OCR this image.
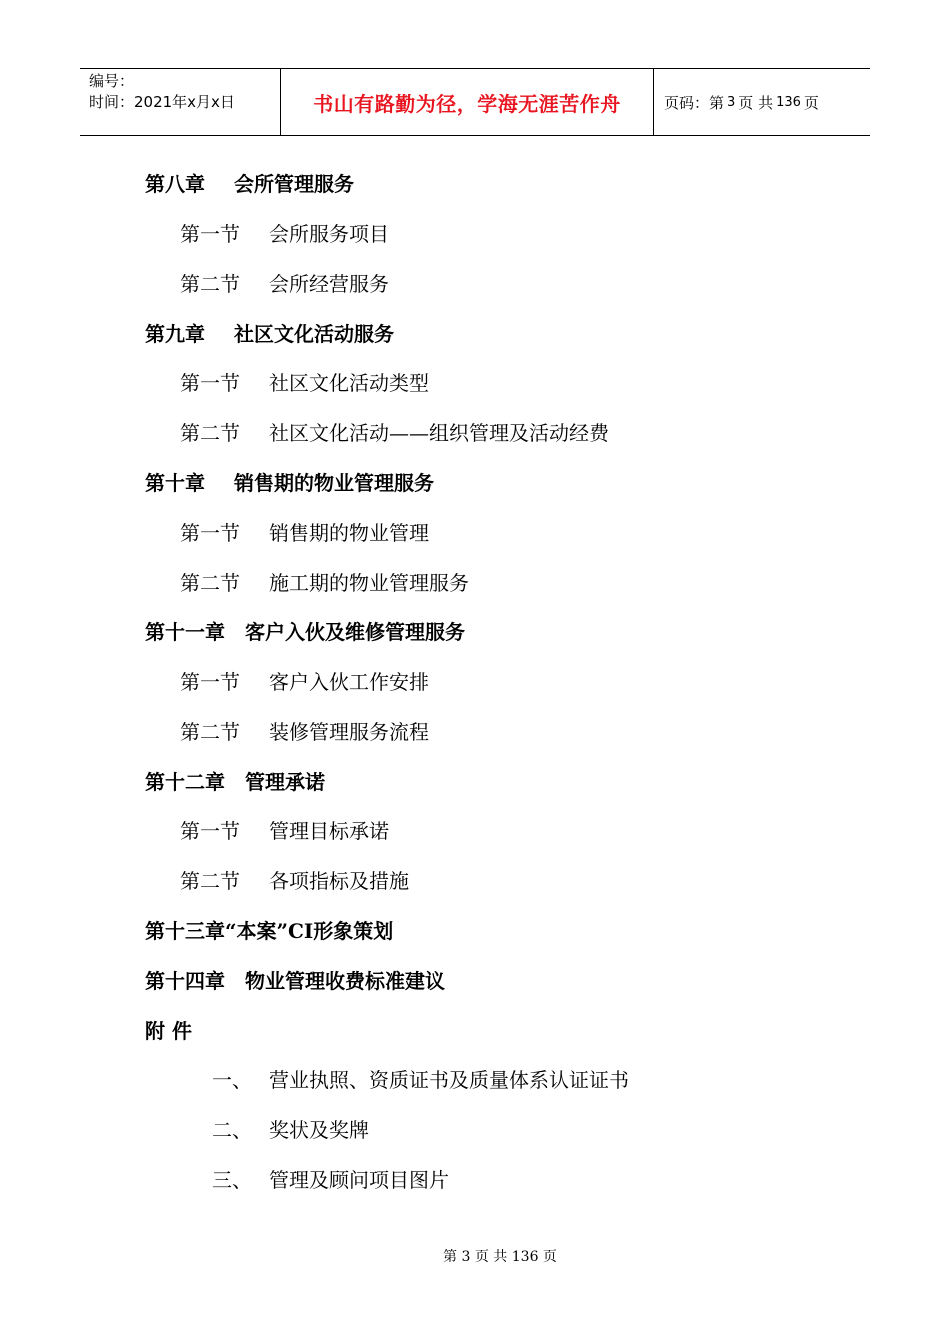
编号：
时间：2021年x月x日	书山有路勤为径，学海无涯苦作舟	页码：第 3 页 共 136 页
第八章 会所管理服务
第一节 会所服务项目
第二节 会所经营服务
第九章 社区文化活动服务
第一节 社区文化活动类型
第二节 社区文化活动——组织管理及活动经费
第十章 销售期的物业管理服务
第一节 销售期的物业管理
第二节 施工期的物业管理服务
第十一章 客户入伙及维修管理服务
第一节 客户入伙工作安排
第二节 装修管理服务流程
第十二章 管理承诺
第一节 管理目标承诺
第二节 各项指标及措施
第十三章“本案”CI形象策划
第十四章 物业管理收费标准建议
附 件
一、 营业执照、资质证书及质量体系认证证书
二、 奖状及奖牌
三、 管理及顾问项目图片
第 3 页 共 136 页
